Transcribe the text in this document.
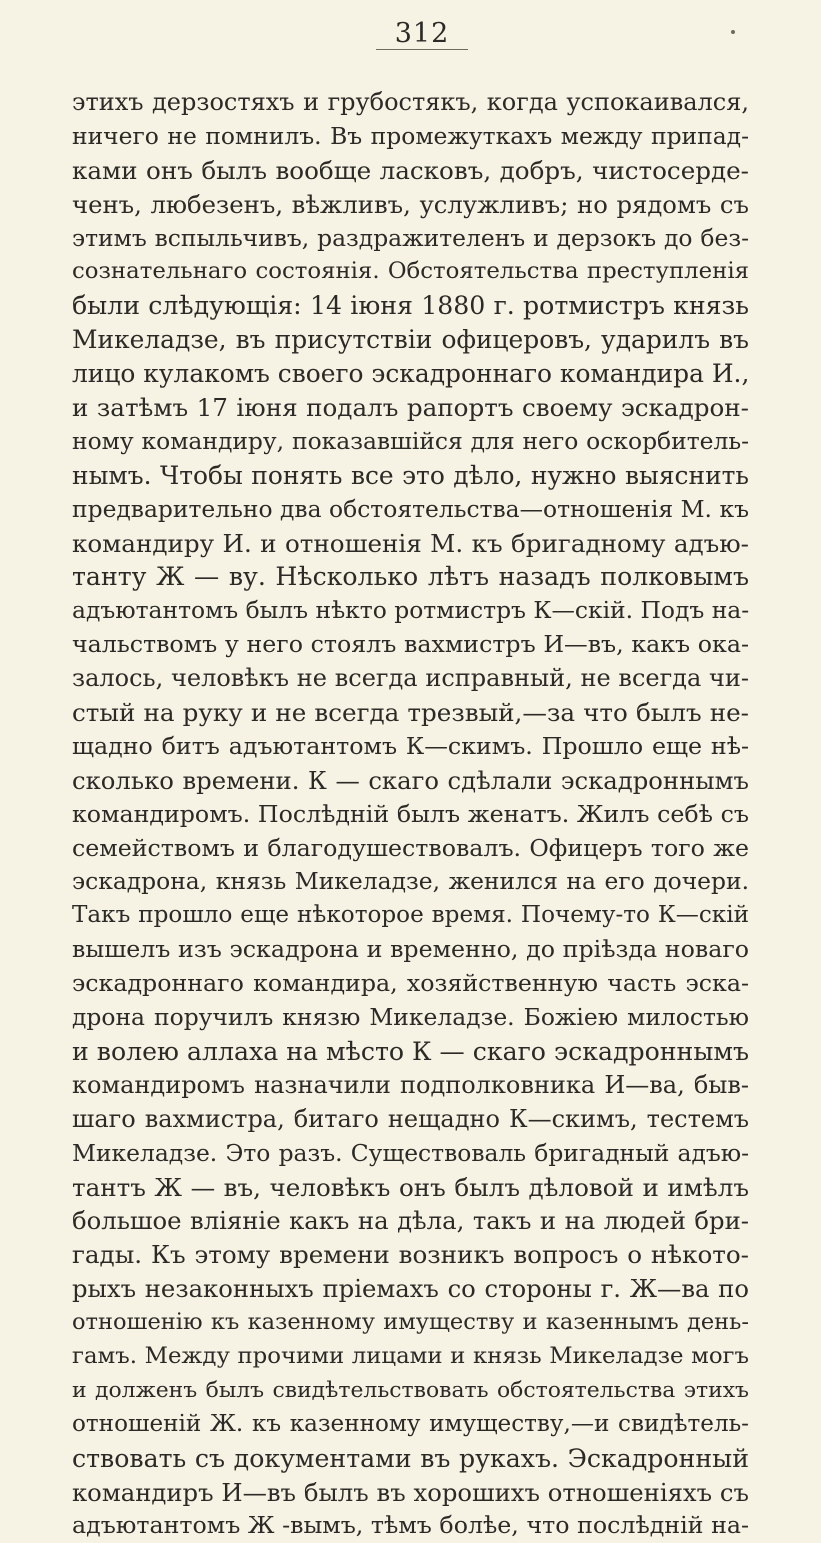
312
этихъ дерзостяхъ и грубостякъ, когда успокаивался,
ничего не помнилъ. Въ промежуткахъ между припад-
ками онъ былъ вообще ласковъ, добръ, чистосерде-
ченъ, любезенъ, вѣжливъ, услужливъ; но рядомъ съ
этимъ вспыльчивъ, раздражителенъ и дерзокъ до без-
сознательнаго состоянія. Обстоятельства преступленія
были слѣдующія: 14 іюня 1880 г. ротмистръ князь
Микеладзе, въ присутствіи офицеровъ, ударилъ въ
лицо кулакомъ своего эскадроннаго командира И.,
и затѣмъ 17 іюня подалъ рапортъ своему эскадрон-
ному командиру, показавшійся для него оскорбитель-
нымъ. Чтобы понять все это дѣло, нужно выяснить
предварительно два обстоятельства—отношенія М. къ
командиру И. и отношенія М. къ бригадному адъю-
танту Ж — ву. Нѣсколько лѣтъ назадъ полковымъ
адъютантомъ былъ нѣкто ротмистръ К—скій. Подъ на-
чальствомъ у него стоялъ вахмистръ И—въ, какъ ока-
залось, человѣкъ не всегда исправный, не всегда чи-
стый на руку и не всегда трезвый,—за что былъ не-
щадно битъ адъютантомъ К—скимъ. Прошло еще нѣ-
сколько времени. К — скаго сдѣлали эскадроннымъ
командиромъ. Послѣдній былъ женатъ. Жилъ себѣ съ
семействомъ и благодушествовалъ. Офицеръ того же
эскадрона, князь Микеладзе, женился на его дочери.
Такъ прошло еще нѣкоторое время. Почему-то К—скій
вышелъ изъ эскадрона и временно, до пріѣзда новаго
эскадроннаго командира, хозяйственную часть эска-
дрона поручилъ князю Микеладзе. Божіею милостью
и волею аллаха на мѣсто К — скаго эскадроннымъ
командиромъ назначили подполковника И—ва, быв-
шаго вахмистра, битаго нещадно К—скимъ, тестемъ
Микеладзе. Это разъ. Существоваль бригадный адъю-
тантъ Ж — въ, человѣкъ онъ былъ дѣловой и имѣлъ
большое вліяніе какъ на дѣла, такъ и на людей бри-
гады. Къ этому времени возникъ вопросъ о нѣкото-
рыхъ незаконныхъ пріемахъ со стороны г. Ж—ва по
отношенію къ казенному имуществу и казеннымъ день-
гамъ. Между прочими лицами и князь Микеладзе могъ
и долженъ былъ свидѣтельствовать обстоятельства этихъ
отношеній Ж. къ казенному имуществу,—и свидѣтель-
ствовать съ документами въ рукахъ. Эскадронный
командиръ И—въ былъ въ хорошихъ отношеніяхъ съ
адъютантомъ Ж -вымъ, тѣмъ болѣе, что послѣдній на-
